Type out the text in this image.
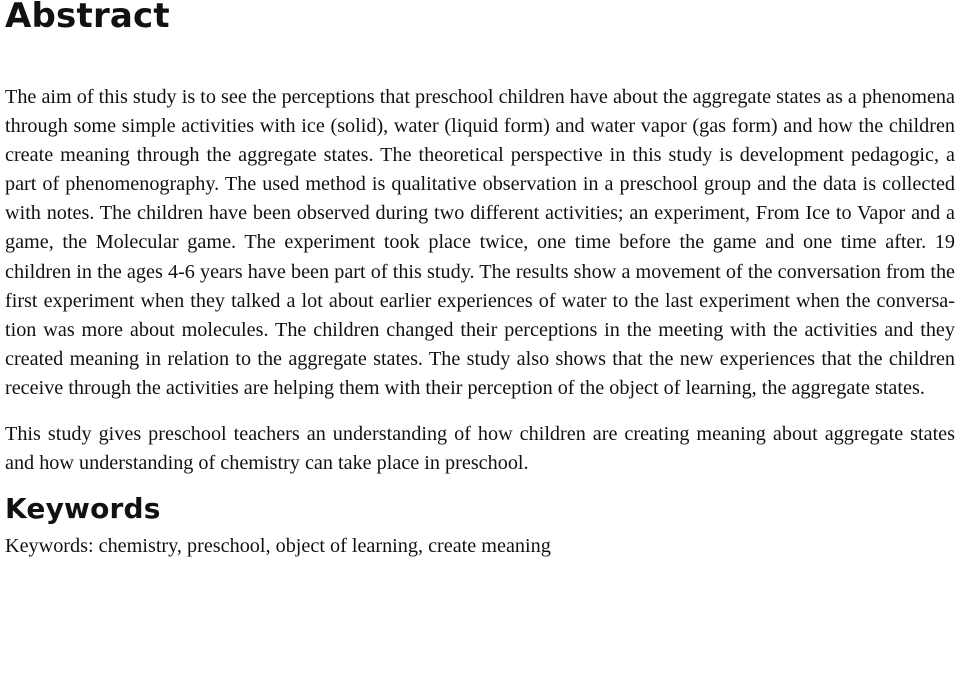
Abstract

The aim of this study is to see the perceptions that preschool children have about the aggregate states as a phenomena through some simple activities with ice (solid), water (liquid form) and water vapor (gas form) and how the children create meaning through the aggregate states. The theoretical perspective in this study is development pedagogic, a part of phenomenography. The used method is qualitative observation in a preschool group and the data is collected with notes. The children have been observed during two different activities; an experiment, From Ice to Vapor and a game, the Molecular game. The experiment took place twice, one time before the game and one time after. 19 children in the ages 4-6 years have been part of this study. The results show a movement of the conversation from the first experiment when they talked a lot about earlier experiences of water to the last experiment when the conversation was more about molecules. The children changed their perceptions in the meeting with the activities and they created meaning in relation to the aggregate states. The study also shows that the new experiences that the children receive through the activities are helping them with their perception of the object of learning, the aggregate states.

This study gives preschool teachers an understanding of how children are creating meaning about aggregate states and how understanding of chemistry can take place in preschool.

Keywords

Keywords: chemistry, preschool, object of learning, create meaning
